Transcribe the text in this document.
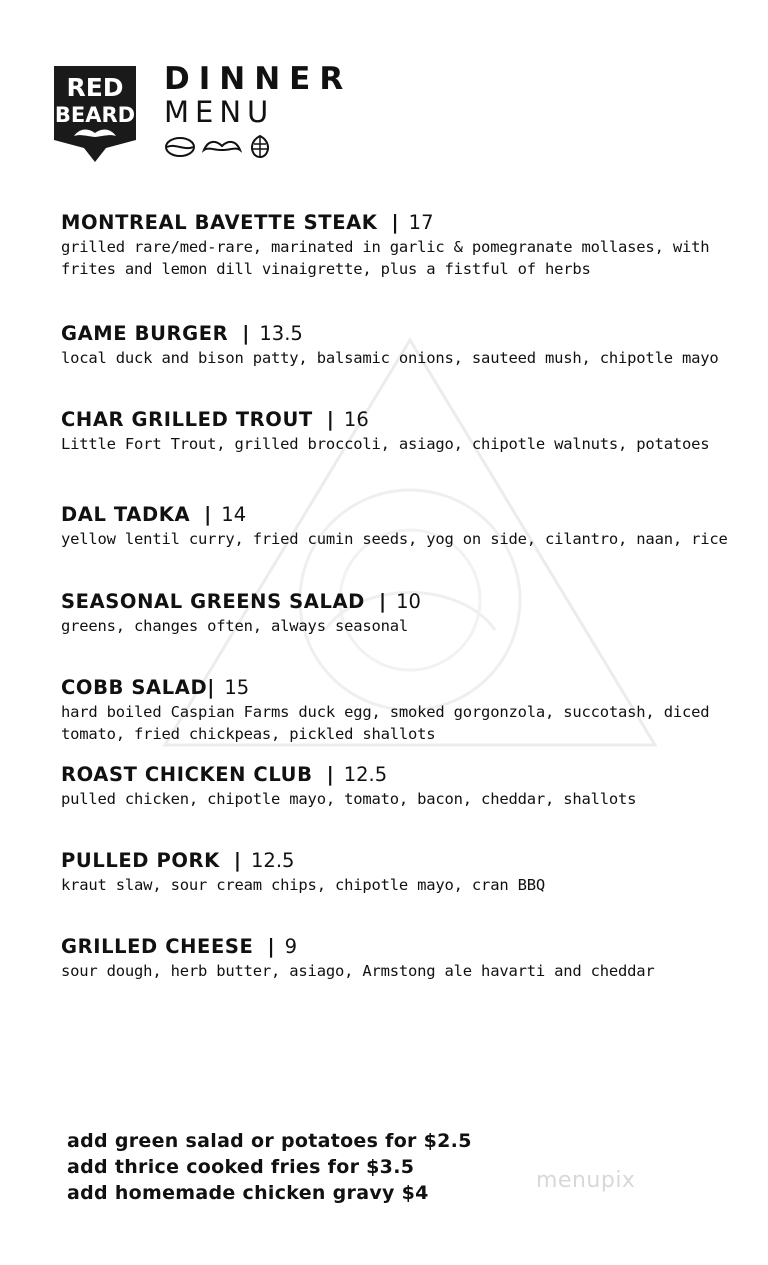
RED
BEARD
DINNER
MENU
MONTREAL BAVETTE STEAK | 17
grilled rare/med-rare, marinated in garlic & pomegranate mollases, with frites and lemon dill vinaigrette, plus a fistful of herbs
GAME BURGER | 13.5
local duck and bison patty, balsamic onions, sauteed mush, chipotle mayo
CHAR GRILLED TROUT | 16
Little Fort Trout, grilled broccoli, asiago, chipotle walnuts, potatoes
DAL TADKA | 14
yellow lentil curry, fried cumin seeds, yog on side, cilantro, naan, rice
SEASONAL GREENS SALAD | 10
greens, changes often, always seasonal
COBB SALAD| 15
hard boiled Caspian Farms duck egg, smoked gorgonzola, succotash, diced tomato, fried chickpeas, pickled shallots
ROAST CHICKEN CLUB | 12.5
pulled chicken, chipotle mayo, tomato, bacon, cheddar, shallots
PULLED PORK | 12.5
kraut slaw, sour cream chips, chipotle mayo, cran BBQ
GRILLED CHEESE | 9
sour dough, herb butter, asiago, Armstong ale havarti and cheddar
add green salad or potatoes for $2.5
add thrice cooked fries for $3.5
add homemade chicken gravy $4	menupix
